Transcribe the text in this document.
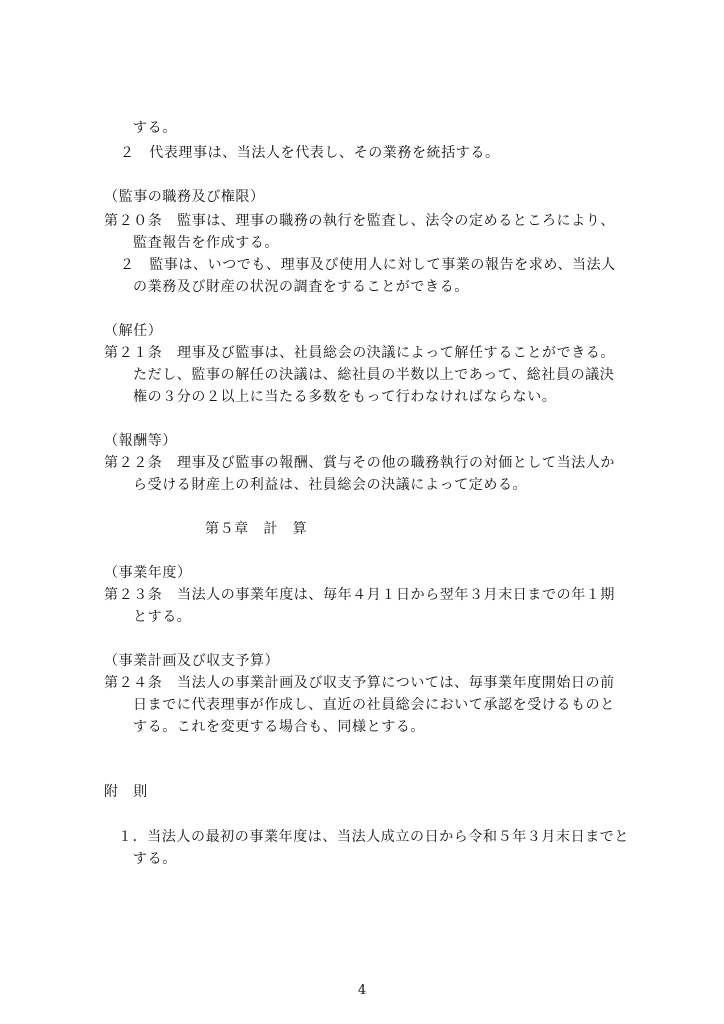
する。
２　代表理事は、当法人を代表し、その業務を統括する。
（監事の職務及び権限）
第２０条　監事は、理事の職務の執行を監査し、法令の定めるところにより、
監査報告を作成する。
２　監事は、いつでも、理事及び使用人に対して事業の報告を求め、当法人
の業務及び財産の状況の調査をすることができる。
（解任）
第２１条　理事及び監事は、社員総会の決議によって解任することができる。
ただし、監事の解任の決議は、総社員の半数以上であって、総社員の議決
権の３分の２以上に当たる多数をもって行わなければならない。
（報酬等）
第２２条　理事及び監事の報酬、賞与その他の職務執行の対価として当法人か
ら受ける財産上の利益は、社員総会の決議によって定める。
第５章　計　算
（事業年度）
第２３条　当法人の事業年度は、毎年４月１日から翌年３月末日までの年１期
とする。
（事業計画及び収支予算）
第２４条　当法人の事業計画及び収支予算については、毎事業年度開始日の前
日までに代表理事が作成し、直近の社員総会において承認を受けるものと
する。これを変更する場合も、同様とする。
附　則
１．当法人の最初の事業年度は、当法人成立の日から令和５年３月末日までと
する。
4
